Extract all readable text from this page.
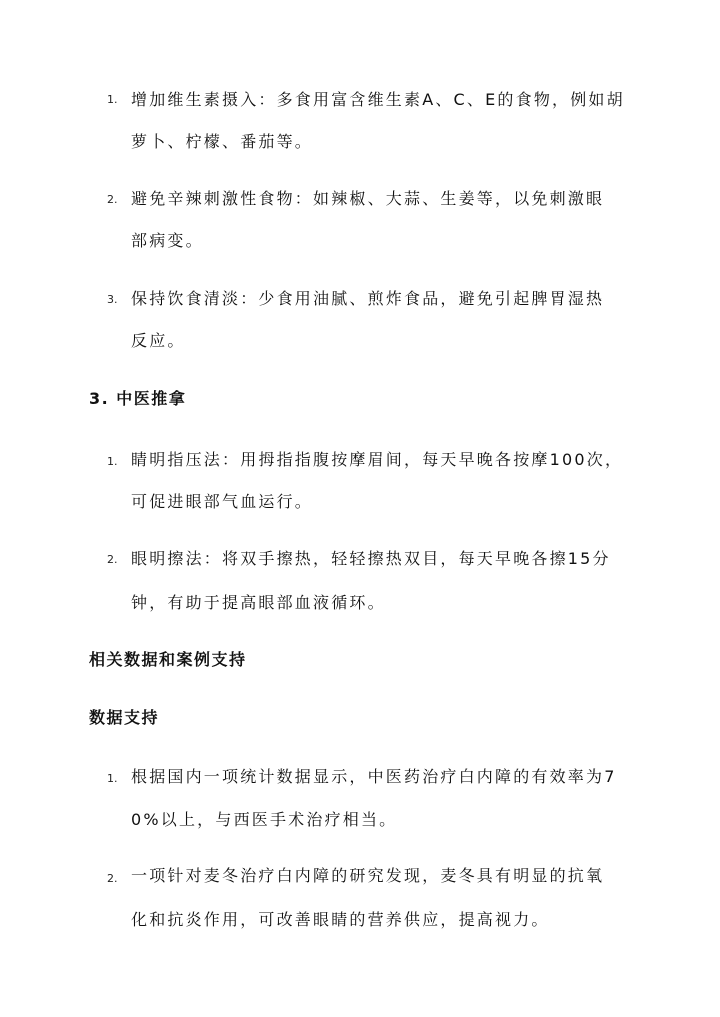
1. 增加维生素摄入：多食用富含维生素A、C、E的食物，例如胡
萝卜、柠檬、番茄等。
2. 避免辛辣刺激性食物：如辣椒、大蒜、生姜等，以免刺激眼
部病变。
3. 保持饮食清淡：少食用油腻、煎炸食品，避免引起脾胃湿热
反应。
3. 中医推拿
1. 睛明指压法：用拇指指腹按摩眉间，每天早晚各按摩100次，
可促进眼部气血运行。
2. 眼明擦法：将双手擦热，轻轻擦热双目，每天早晚各擦15分
钟，有助于提高眼部血液循环。
相关数据和案例支持
数据支持
1. 根据国内一项统计数据显示，中医药治疗白内障的有效率为7
0%以上，与西医手术治疗相当。
2. 一项针对麦冬治疗白内障的研究发现，麦冬具有明显的抗氧
化和抗炎作用，可改善眼睛的营养供应，提高视力。
